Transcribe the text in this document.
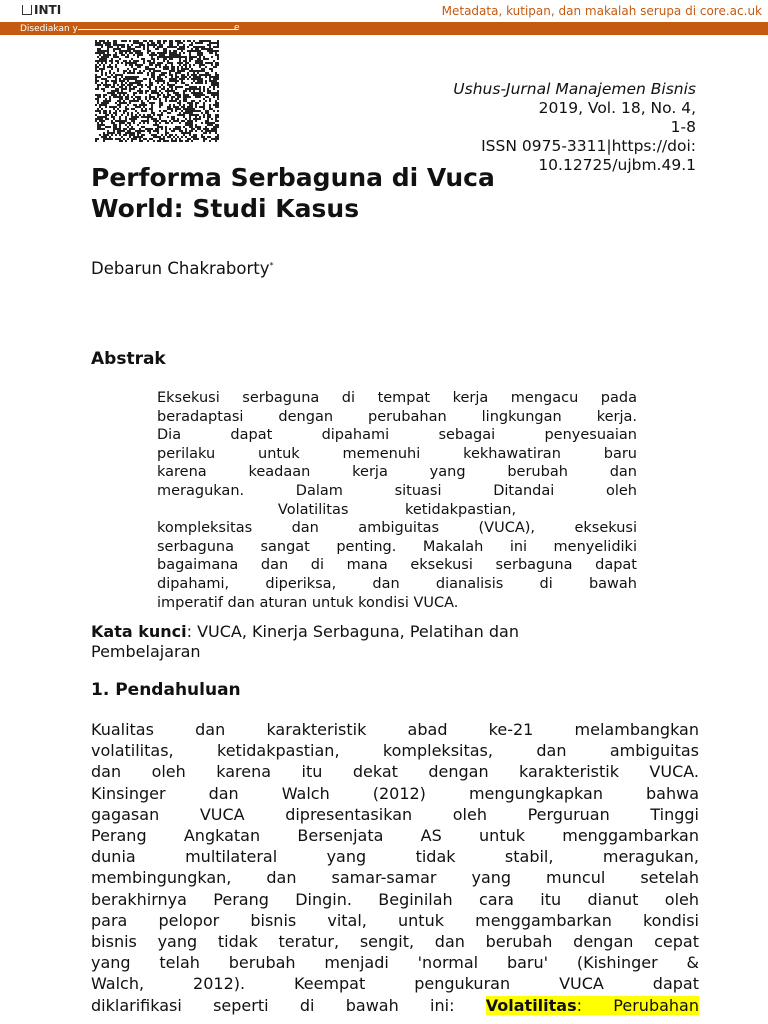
INTI	Metadata, kutipan, dan makalah serupa di core.ac.uk
Disediakan y	e
Ushus-Jurnal Manajemen Bisnis
2019, Vol. 18, No. 4,
1-8
ISSN 0975-3311|https://doi:
10.12725/ujbm.49.1
Performa Serbaguna di Vuca
World: Studi Kasus
Debarun Chakraborty*
Abstrak
Eksekusi serbaguna di tempat kerja mengacu pada
beradaptasi dengan perubahan lingkungan kerja.
Dia dapat dipahami sebagai penyesuaian
perilaku untuk memenuhi kekhawatiran baru
karena keadaan kerja yang berubah dan
meragukan. Dalam situasi Ditandai oleh
Volatilitas ketidakpastian,
kompleksitas dan ambiguitas (VUCA), eksekusi
serbaguna sangat penting. Makalah ini menyelidiki
bagaimana dan di mana eksekusi serbaguna dapat
dipahami, diperiksa, dan dianalisis di bawah
imperatif dan aturan untuk kondisi VUCA.
Kata kunci: VUCA, Kinerja Serbaguna, Pelatihan dan Pembelajaran
1. Pendahuluan
Kualitas dan karakteristik abad ke-21 melambangkan
volatilitas, ketidakpastian, kompleksitas, dan ambiguitas
dan oleh karena itu dekat dengan karakteristik VUCA.
Kinsinger dan Walch (2012) mengungkapkan bahwa
gagasan VUCA dipresentasikan oleh Perguruan Tinggi
Perang Angkatan Bersenjata AS untuk menggambarkan
dunia multilateral yang tidak stabil, meragukan,
membingungkan, dan samar-samar yang muncul setelah
berakhirnya Perang Dingin. Beginilah cara itu dianut oleh
para pelopor bisnis vital, untuk menggambarkan kondisi
bisnis yang tidak teratur, sengit, dan berubah dengan cepat
yang telah berubah menjadi 'normal baru' (Kishinger &
Walch, 2012). Keempat pengukuran VUCA dapat
diklarifikasi seperti di bawah ini: Volatilitas: Perubahan
